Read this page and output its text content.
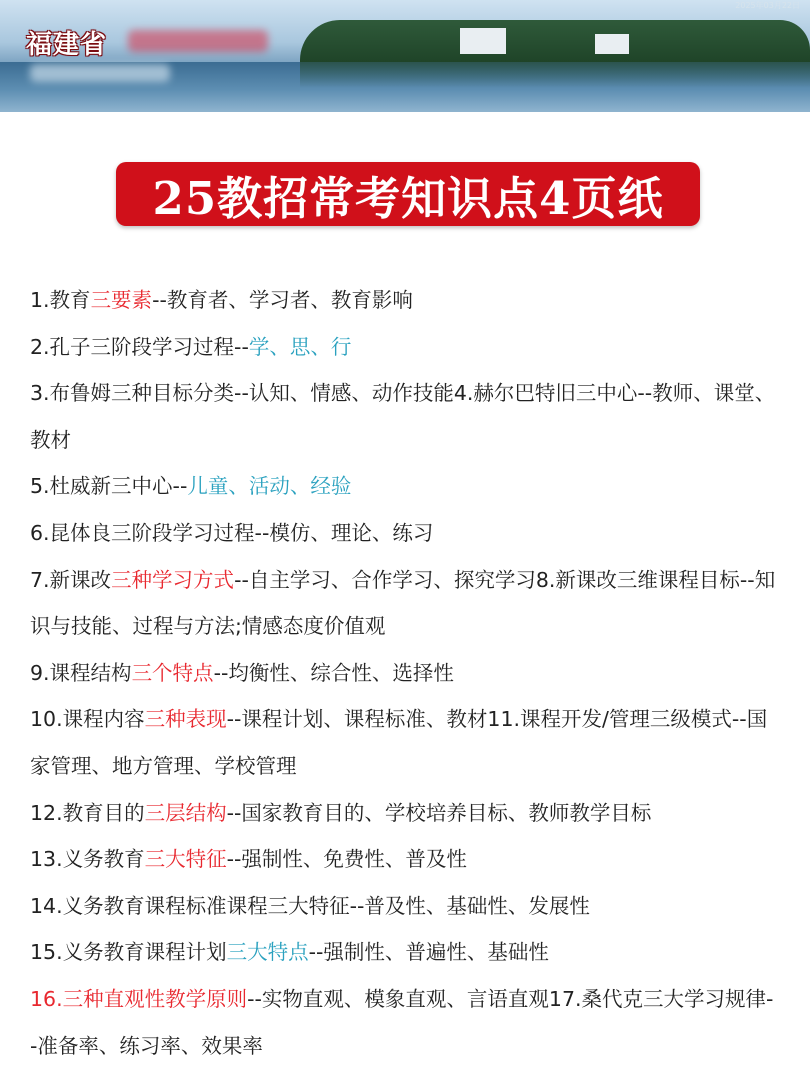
福建省
2025年03月22日
25教招常考知识点4页纸

1.教育三要素--教育者、学习者、教育影响

2.孔子三阶段学习过程--学、思、行

3.布鲁姆三种目标分类--认知、情感、动作技能4.赫尔巴特旧三中心--教师、课堂、教材

5.杜威新三中心--儿童、活动、经验

6.昆体良三阶段学习过程--模仿、理论、练习

7.新课改三种学习方式--自主学习、合作学习、探究学习8.新课改三维课程目标--知识与技能、过程与方法;情感态度价值观

9.课程结构三个特点--均衡性、综合性、选择性

10.课程内容三种表现--课程计划、课程标准、教材11.课程开发/管理三级模式--国家管理、地方管理、学校管理

12.教育目的三层结构--国家教育目的、学校培养目标、教师教学目标

13.义务教育三大特征--强制性、免费性、普及性

14.义务教育课程标准课程三大特征--普及性、基础性、发展性

15.义务教育课程计划三大特点--强制性、普遍性、基础性

16.三种直观性教学原则--实物直观、模象直观、言语直观17.桑代克三大学习规律--准备率、练习率、效果率
